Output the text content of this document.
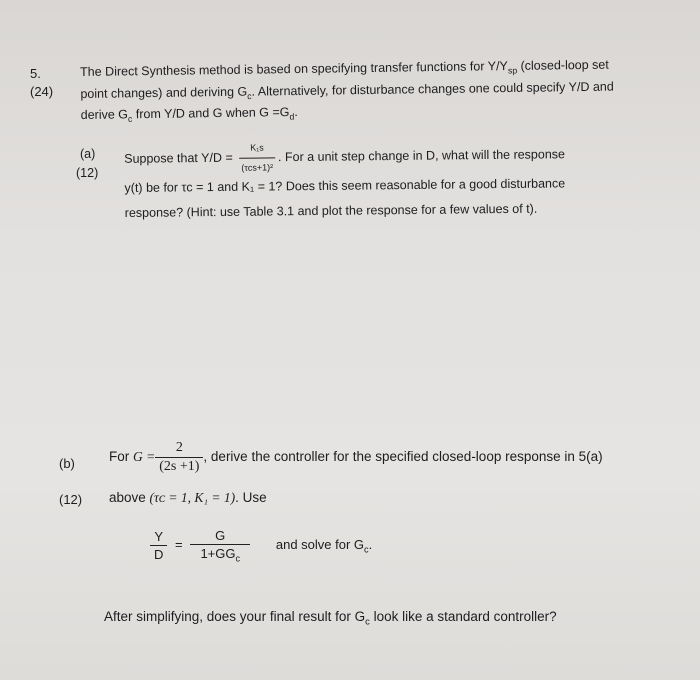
5.
(24)
The Direct Synthesis method is based on specifying transfer functions for $Y/Y_{sp}$ (closed-loop set
point changes) and deriving $G_c$. Alternatively, for disturbance changes one could specify Y/D and
derive $G_c$ from Y/D and G when $G =G_d$.
(a)
(12)
Suppose that $Y/D = \frac{\text{K₁s}}{\text{(τᴄs+1)²}}$ . For a unit step change in D, what will the response
y(t) be for τᴄ = 1 and K₁ = 1? Does this seem reasonable for a good disturbance
response? (Hint: use Table 3.1 and plot the response for a few values of t).
(b)
(12)
For $G = \frac{2}{(2s +1)}$ , derive the controller for the specified closed-loop response in 5(a)
above (τᴄ = 1, K₁ = 1). Use
$\frac{Y}{D} = \frac{G}{1+GG_c}$ and solve for $G_c$.
After simplifying, does your final result for $G_c$ look like a standard controller?
